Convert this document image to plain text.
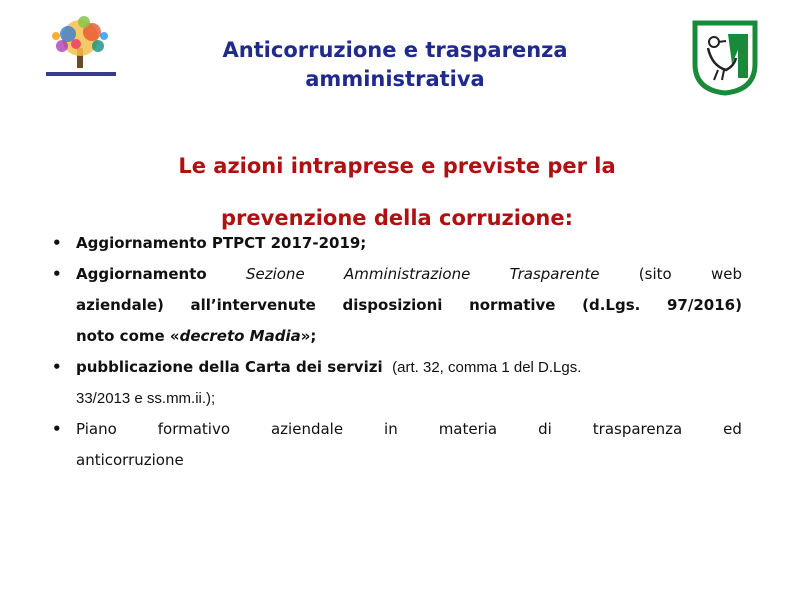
Anticorruzione e trasparenza
amministrativa
Le azioni intraprese e previste per la
prevenzione della corruzione:
• Aggiornamento PTPCT 2017-2019;
• Aggiornamento	Sezione	Amministrazione	Trasparente	(sito	web
aziendale) all’intervenute disposizioni normative (d.Lgs. 97/2016)
noto come «decreto Madia»;
• pubblicazione della Carta dei servizi (art. 32, comma 1 del D.Lgs.
33/2013 e ss.mm.ii.);
• Piano	formativo	aziendale	in	materia	di	trasparenza	ed
anticorruzione
